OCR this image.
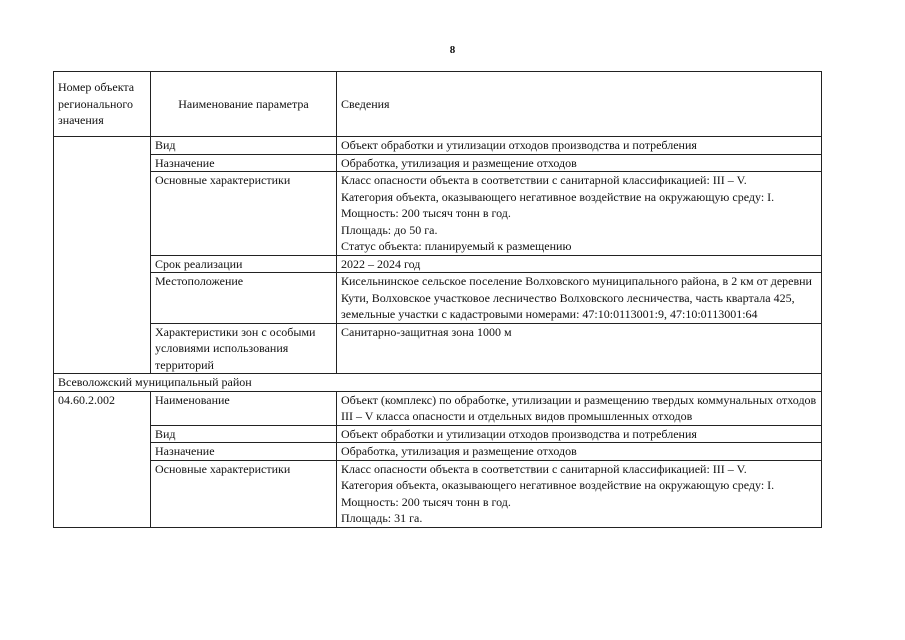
8
Номер объекта регионального значения	Наименование параметра	Сведения
	Вид	Объект обработки и утилизации отходов производства и потребления
	Назначение	Обработка, утилизация и размещение отходов
	Основные характеристики	Класс опасности объекта в соответствии с санитарной классификацией: III – V.
Категория объекта, оказывающего негативное воздействие на окружающую среду: I.
Мощность: 200 тысяч тонн в год.
Площадь: до 50 га.
Статус объекта: планируемый к размещению

	Срок реализации	2022 – 2024 год
	Местоположение	Кисельнинское сельское поселение Волховского муниципального района, в 2 км от деревни Кути, Волховское участковое лесничество Волховского лесничества, часть квартала 425, земельные участки с кадастровыми номерами: 47:10:0113001:9, 47:10:0113001:64
	Характеристики зон с особыми условиями использования территорий	Санитарно-защитная зона 1000 м
Всеволожский муниципальный район		
04.60.2.002	Наименование	Объект (комплекс) по обработке, утилизации и размещению твердых коммунальных отходов III – V класса опасности и отдельных видов промышленных отходов
	Вид	Объект обработки и утилизации отходов производства и потребления
	Назначение	Обработка, утилизация и размещение отходов
	Основные характеристики	Класс опасности объекта в соответствии с санитарной классификацией: III – V.
Категория объекта, оказывающего негативное воздействие на окружающую среду: I.
Мощность: 200 тысяч тонн в год.
Площадь: 31 га.
